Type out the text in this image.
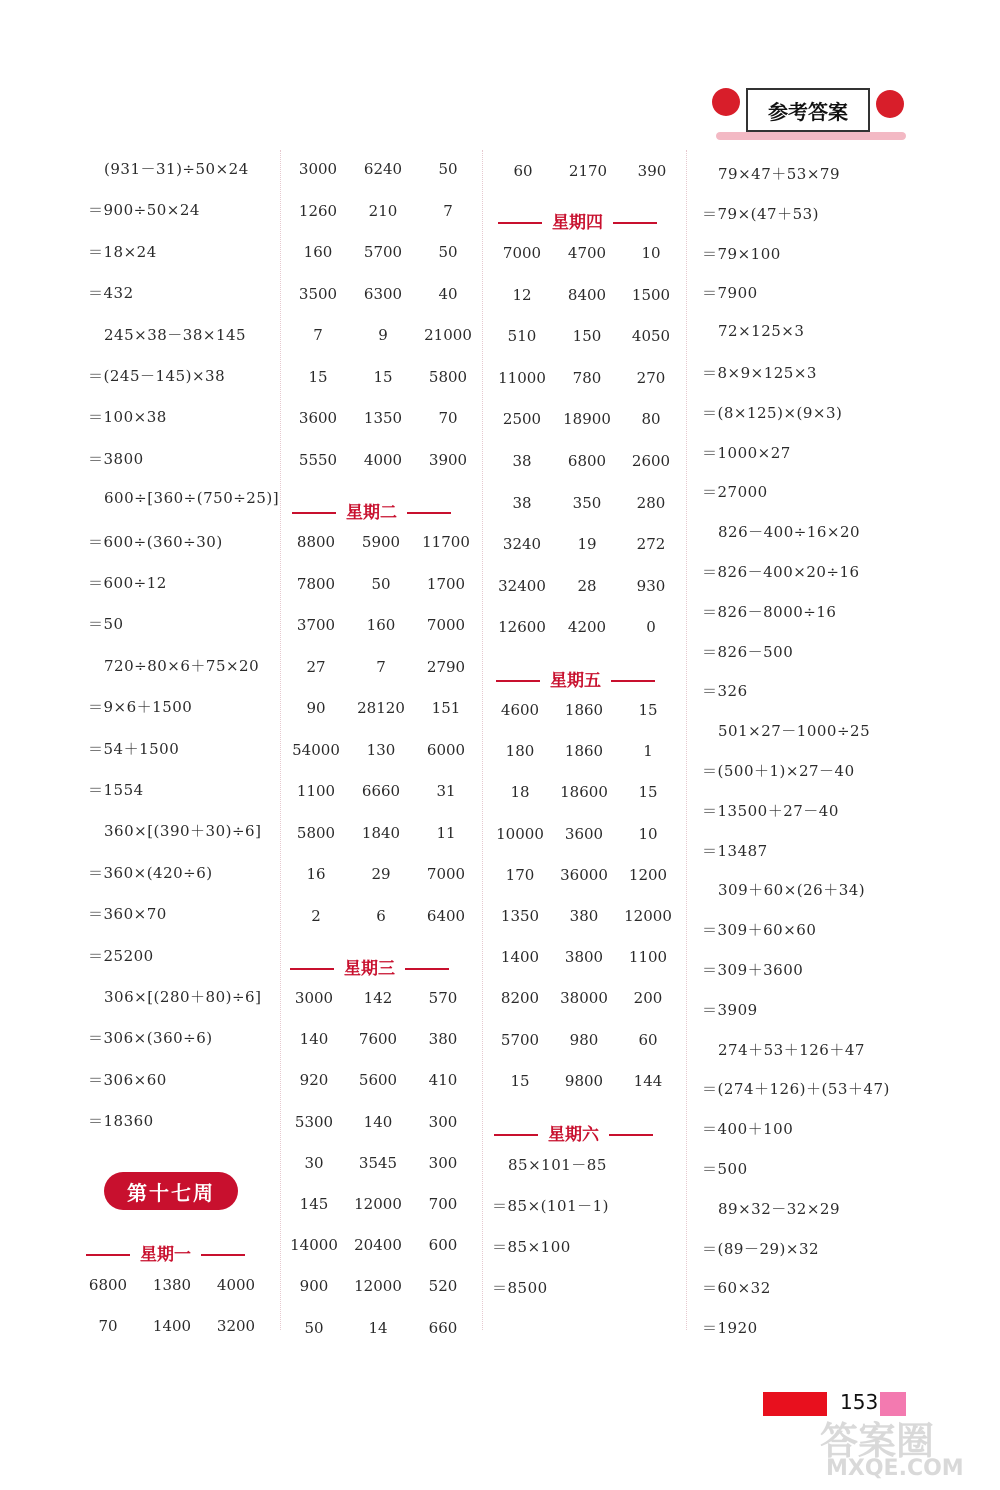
参考答案
(931－31)÷50×24
＝900÷50×24
＝18×24
＝432
245×38－38×145
＝(245－145)×38
＝100×38
＝3800
600÷[360÷(750÷25)]
＝600÷(360÷30)
＝600÷12
＝50
720÷80×6＋75×20
＝9×6＋1500
＝54＋1500
＝1554
360×[(390＋30)÷6]
＝360×(420÷6)
＝360×70
＝25200
306×[(280＋80)÷6]
＝306×(360÷6)
＝306×60
＝18360
第十七周
星期一
6800	1380	4000
70	1400	3200
3000	6240	50
1260	210	7
160	5700	50
3500	6300	40
7	9	21000
15	15	5800
3600	1350	70
5550	4000	3900
星期二
8800	5900	11700
7800	50	1700
3700	160	7000
27	7	2790
90	28120	151
54000	130	6000
1100	6660	31
5800	1840	11
16	29	7000
2	6	6400
星期三
3000	142	570
140	7600	380
920	5600	410
5300	140	300
30	3545	300
145	12000	700
14000	20400	600
900	12000	520
50	14	660
60	2170	390
星期四
7000	4700	10
12	8400	1500
510	150	4050
11000	780	270
2500	18900	80
38	6800	2600
38	350	280
3240	19	272
32400	28	930
12600	4200	0
星期五
4600	1860	15
180	1860	1
18	18600	15
10000	3600	10
170	36000	1200
1350	380	12000
1400	3800	1100
8200	38000	200
5700	980	60
15	9800	144
星期六
85×101－85
＝85×(101－1)
＝85×100
＝8500
79×47＋53×79
＝79×(47＋53)
＝79×100
＝7900
72×125×3
＝8×9×125×3
＝(8×125)×(9×3)
＝1000×27
＝27000
826－400÷16×20
＝826－400×20÷16
＝826－8000÷16
＝826－500
＝326
501×27－1000÷25
＝(500＋1)×27－40
＝13500＋27－40
＝13487
309＋60×(26＋34)
＝309＋60×60
＝309＋3600
＝3909
274＋53＋126＋47
＝(274＋126)＋(53＋47)
＝400＋100
＝500
89×32－32×29
＝(89－29)×32
＝60×32
＝1920
153
答案圈
MXQE.COM
